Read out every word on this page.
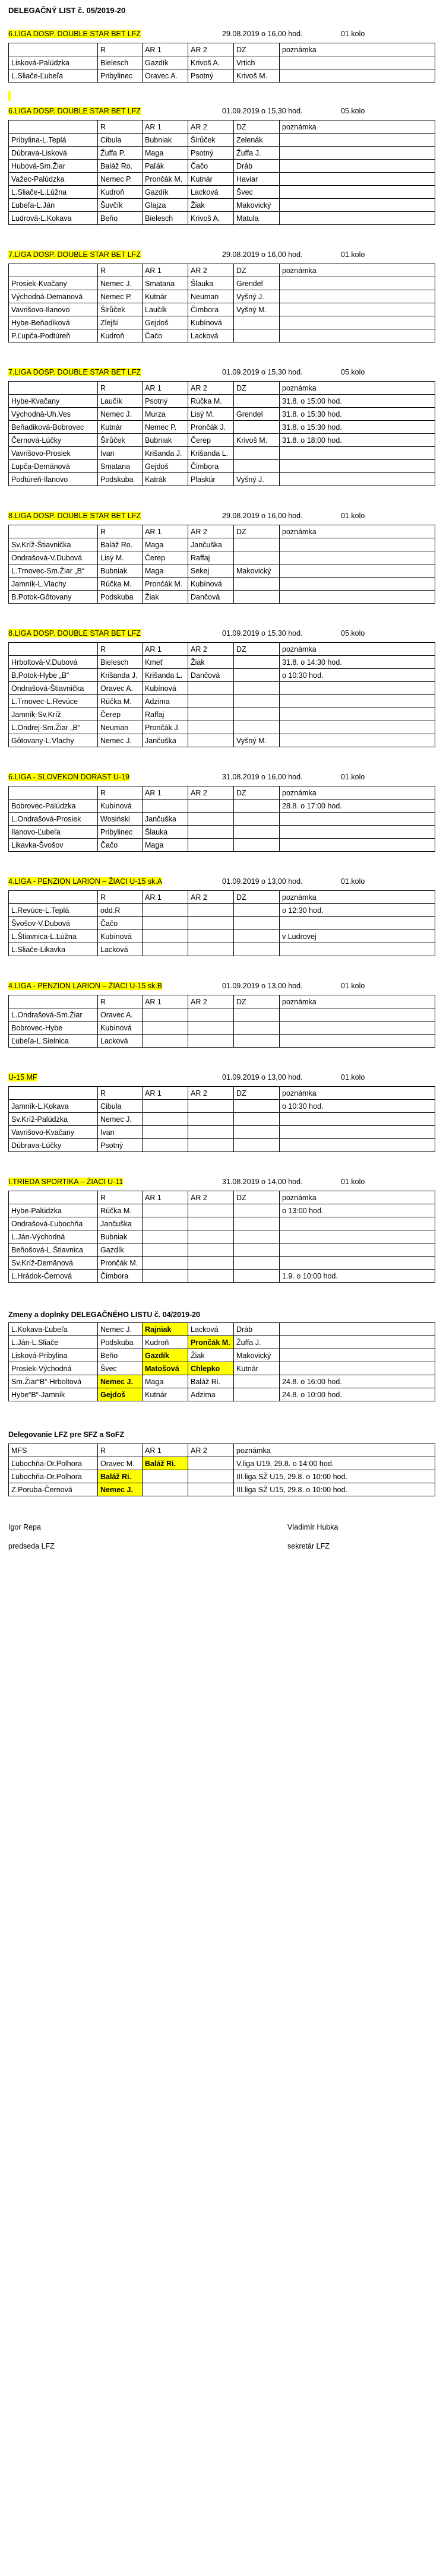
DELEGAČNÝ LIST č. 05/2019-20
6.LIGA DOSP. DOUBLE STAR BET LFZ	29.08.2019 o 16,00 hod.	01.kolo
	R	AR 1	AR 2	DZ	poznámka
Lisková-Palúdzka	Bielesch	Gazdík	Krivoš A.	Vrtich	
L.Sliače-Ľubeľa	Pribylinec	Oravec A.	Psotný	Krivoš M.	
6.LIGA DOSP. DOUBLE STAR BET LFZ	01.09.2019 o 15,30 hod.	05.kolo
	R	AR 1	AR 2	DZ	poznámka
Pribylina-L.Teplá	Cibula	Bubniak	Širůček	Zelenák	
Dúbrava-Lisková	Žuffa P.	Maga	Psotný	Žuffa J.	
Hubová-Sm.Žiar	Baláž Ro.	Paľák	Čačo	Dráb	
Važec-Palúdzka	Nemec P.	Prončák M.	Kutnár	Haviar	
L.Sliače-L.Lúžna	Kudroň	Gazdík	Lacková	Švec	
Ľubeľa-L.Ján	Šuvčík	Glajza	Žiak	Makovický	
Ludrová-L.Kokava	Beňo	Bielesch	Krivoš A.	Matula	
7.LIGA DOSP. DOUBLE STAR BET LFZ	29.08.2019 o 16,00 hod.	01.kolo
	R	AR 1	AR 2	DZ	poznámka
Prosiek-Kvačany	Nemec J.	Smatana	Šlauka	Grendel	
Východná-Demänová	Nemec P.	Kutnár	Neuman	Vyšný J.	
Vavrišovo-Ilanovo	Širůček	Laučík	Čimbora	Vyšný M.	
Hybe-Beňadiková	Zlejší	Gejdoš	Kubínová		
P.Ľupča-Podtúreň	Kudroň	Čačo	Lacková		
7.LIGA DOSP. DOUBLE STAR BET LFZ	01.09.2019 o 15,30 hod.	05.kolo
	R	AR 1	AR 2	DZ	poznámka
Hybe-Kvačany	Laučík	Psotný	Rúčka M.		31.8. o 15:00 hod.
Východná-Uh.Ves	Nemec J.	Murza	Lisý M.	Grendel	31.8. o 15:30 hod.
Beňadiková-Bobrovec	Kutnár	Nemec P.	Prončák J.		31.8. o 15:30 hod.
Černová-Lúčky	Širůček	Bubniak	Čerep	Krivoš M.	31.8. o 18:00 hod.
Vavrišovo-Prosiek	Ivan	Krišanda J.	Krišanda L.		
Ľupča-Demänová	Smatana	Gejdoš	Čimbora		
Podtúreň-Ilanovo	Podskuba	Katrák	Plaskúr	Vyšný J.	
8.LIGA DOSP. DOUBLE STAR BET LFZ	29.08.2019 o 16,00 hod.	01.kolo
	R	AR 1	AR 2	DZ	poznámka
Sv.Kríž-Štiavnička	Baláž Ro.	Maga	Jančuška		
Ondrašová-V.Dubová	Lisý M.	Čerep	Raffaj		
L.Trnovec-Sm.Žiar „B“	Bubniak	Maga	Sekej	Makovický	
Jamník-L.Vlachy	Rúčka M.	Prončák M.	Kubínová		
B.Potok-Gôtovany	Podskuba	Žiak	Dančová		
8.LIGA DOSP. DOUBLE STAR BET LFZ	01.09.2019 o 15,30 hod.	05.kolo
	R	AR 1	AR 2	DZ	poznámka
Hrboltová-V.Dubová	Bielesch	Kmeť	Žiak		31.8. o 14:30 hod.
B.Potok-Hybe „B“	Krišanda J.	Krišanda L.	Dančová		o 10:30 hod.
Ondrašová-Štiavnička	Oravec A.	Kubínová			
L.Trnovec-L.Revúce	Rúčka M.	Adzima			
Jamník-Sv.Kríž	Čerep	Raffaj			
L.Ondrej-Sm.Žiar „B“	Neuman	Prončák J.			
Gôtovany-L.Vlachy	Nemec J.	Jančuška		Vyšný M.	
6.LIGA - SLOVEKON DORAST U-19	31.08.2019 o 16,00 hod.	01.kolo
	R	AR 1	AR 2	DZ	poznámka
Bobrovec-Palúdzka	Kubínová				28.8. o 17:00 hod.
L.Ondrašová-Prosiek	Wosiński	Jančuška			
Ilanovo-Ľubeľa	Pribylinec	Šlauka			
Likavka-Švošov	Čačo	Maga			
4.LIGA - PENZION LARION – ŽIACI U-15 sk.A	01.09.2019 o 13,00 hod.	01.kolo
	R	AR 1	AR 2	DZ	poznámka
L.Revúce-L.Teplá	odd.R				o 12:30 hod.
Švošov-V.Dubová	Čačo				
L.Štiavnica-L.Lúžna	Kubínová				v Ludrovej
L.Sliače-Likavka	Lacková				
4.LIGA - PENZION LARION – ŽIACI U-15 sk.B	01.09.2019 o 13,00 hod.	01.kolo
	R	AR 1	AR 2	DZ	poznámka
L.Ondrašová-Sm.Žiar	Oravec A.				
Bobrovec-Hybe	Kubínová				
Ľubeľa-L.Sielnica	Lacková				
U-15 MF	01.09.2019 o 13,00 hod.	01.kolo
	R	AR 1	AR 2	DZ	poznámka
Jamník-L.Kokava	Cibula				o 10:30 hod.
Sv.Kríž-Palúdzka	Nemec J.				
Vavrišovo-Kvačany	Ivan				
Dúbrava-Lúčky	Psotný				
I.TRIEDA SPORTIKA – ŽIACI U-11	31.08.2019 o 14,00 hod.	01.kolo
	R	AR 1	AR 2	DZ	poznámka
Hybe-Palúdzka	Rúčka M.				o 13:00 hod.
Ondrašová-Ľubochňa	Jančuška				
L.Ján-Východná	Bubniak				
Beňošová-L.Štiavnica	Gazdík				
Sv.Kríž-Demänová	Prončák M.				
L.Hrádok-Černová	Čimbora				1.9. o 10:00 hod.
Zmeny a doplnky DELEGAČNÉHO LISTU č. 04/2019-20
L.Kokava-Ľubeľa	Nemec J.	Rajniak	Lacková	Dráb	
L.Ján-L.Sliače	Podskuba	Kudroň	Prončák M.	Žuffa J.	
Lisková-Pribylina	Beňo	Gazdík	Žiak	Makovický	
Prosiek-Východná	Švec	Matošová	Chlepko	Kutnár	
Sm.Žiar“B“-Hrboltová	Nemec J.	Maga	Baláž Ri.		24.8. o 16:00 hod.
Hybe“B“-Jamník	Gejdoš	Kutnár	Adzima		24.8. o 10:00 hod.
Delegovanie LFZ pre SFZ a SoFZ
MFS	R	AR 1	AR 2	poznámka
Ľubochňa-Or.Polhora	Oravec M.	Baláž Ri.		V.liga U19, 29.8. o 14:00 hod.
Ľubochňa-Or.Polhora	Baláž Ri.			III.liga SŽ U15, 29.8. o 10:00 hod.
Z.Poruba-Černová	Nemec J.			III.liga SŽ U15, 29.8. o 10:00 hod.
Igor Repa
predseda LFZ
Vladimír Hubka
sekretár LFZ
